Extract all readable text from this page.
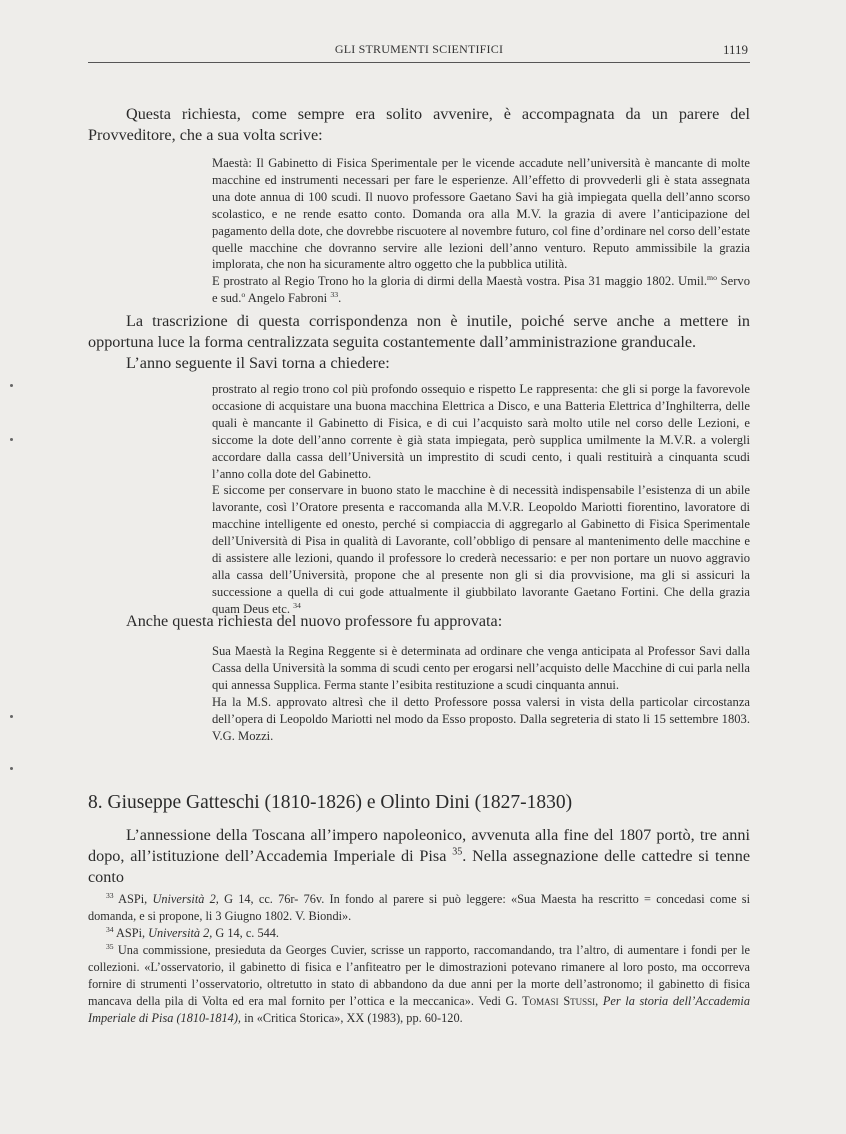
GLI STRUMENTI SCIENTIFICI	1119

Questa richiesta, come sempre era solito avvenire, è accompagnata da un parere del Provveditore, che a sua volta scrive:

Maestà: Il Gabinetto di Fisica Sperimentale per le vicende accadute nell’università è mancante di molte macchine ed instrumenti necessari per fare le esperienze. All’effetto di provvederli gli è stata assegnata una dote annua di 100 scudi. Il nuovo professore Gaetano Savi ha già impiegata quella dell’anno scorso scolastico, e ne rende esatto conto. Domanda ora alla M.V. la grazia di avere l’anticipazione del pagamento della dote, che dovrebbe riscuotere al novembre futuro, col fine d’ordinare nel corso dell’estate quelle macchine che dovranno servire alle lezioni dell’anno venturo. Reputo ammissibile la grazia implorata, che non ha sicuramente altro oggetto che la pubblica utilità.

E prostrato al Regio Trono ho la gloria di dirmi della Maestà vostra. Pisa 31 maggio 1802. Umil.$^{mo}$ Servo e sud.$^o$ Angelo Fabroni $^{33}$.

La trascrizione di questa corrispondenza non è inutile, poiché serve anche a mettere in opportuna luce la forma centralizzata seguita costantemente dall’amministrazione granducale.

L’anno seguente il Savi torna a chiedere:

prostrato al regio trono col più profondo ossequio e rispetto Le rappresenta: che gli si porge la favorevole occasione di acquistare una buona macchina Elettrica a Disco, e una Batteria Elettrica d’Inghilterra, delle quali è mancante il Gabinetto di Fisica, e di cui l’acquisto sarà molto utile nel corso delle Lezioni, e siccome la dote dell’anno corrente è già stata impiegata, però supplica umilmente la M.V.R. a volergli accordare dalla cassa dell’Università un imprestito di scudi cento, i quali restituirà a cinquanta scudi l’anno colla dote del Gabinetto.

E siccome per conservare in buono stato le macchine è di necessità indispensabile l’esistenza di un abile lavorante, così l’Oratore presenta e raccomanda alla M.V.R. Leopoldo Mariotti fiorentino, lavoratore di macchine intelligente ed onesto, perché si compiaccia di aggregarlo al Gabinetto di Fisica Sperimentale dell’Università di Pisa in qualità di Lavorante, coll’obbligo di pensare al mantenimento delle macchine e di assistere alle lezioni, quando il professore lo crederà necessario: e per non portare un nuovo aggravio alla cassa dell’Università, propone che al presente non gli si dia provvisione, ma gli si assicuri la successione a quella di cui gode attualmente il giubbilato lavorante Gaetano Fortini. Che della grazia quam Deus etc. $^{34}$

Anche questa richiesta del nuovo professore fu approvata:

Sua Maestà la Regina Reggente si è determinata ad ordinare che venga anticipata al Professor Savi dalla Cassa della Università la somma di scudi cento per erogarsi nell’acquisto delle Macchine di cui parla nella qui annessa Supplica. Ferma stante l’esibita restituzione a scudi cinquanta annui.

Ha la M.S. approvato altresì che il detto Professore possa valersi in vista della particolar circostanza dell’opera di Leopoldo Mariotti nel modo da Esso proposto. Dalla segreteria di stato li 15 settembre 1803. V.G. Mozzi.

8. Giuseppe Gatteschi (1810-1826) e Olinto Dini (1827-1830)

L’annessione della Toscana all’impero napoleonico, avvenuta alla fine del 1807 portò, tre anni dopo, all’istituzione dell’Accademia Imperiale di Pisa $^{35}$. Nella assegnazione delle cattedre si tenne conto

$^{33}$ ASPi, Università 2, G 14, cc. 76r- 76v. In fondo al parere si può leggere: «Sua Maesta ha rescritto = concedasi come si domanda, e si propone, li 3 Giugno 1802. V. Biondi».

$^{34}$ ASPi, Università 2, G 14, c. 544.

$^{35}$ Una commissione, presieduta da Georges Cuvier, scrisse un rapporto, raccomandando, tra l’altro, di aumentare i fondi per le collezioni. «L’osservatorio, il gabinetto di fisica e l’anfiteatro per le dimostrazioni potevano rimanere al loro posto, ma occorreva fornire di strumenti l’osservatorio, oltretutto in stato di abbandono da due anni per la morte dell’astronomo; il gabinetto di fisica mancava della pila di Volta ed era mal fornito per l’ottica e la meccanica». Vedi G. Tomasi Stussi, Per la storia dell’Accademia Imperiale di Pisa (1810-1814), in «Critica Storica», XX (1983), pp. 60-120.
